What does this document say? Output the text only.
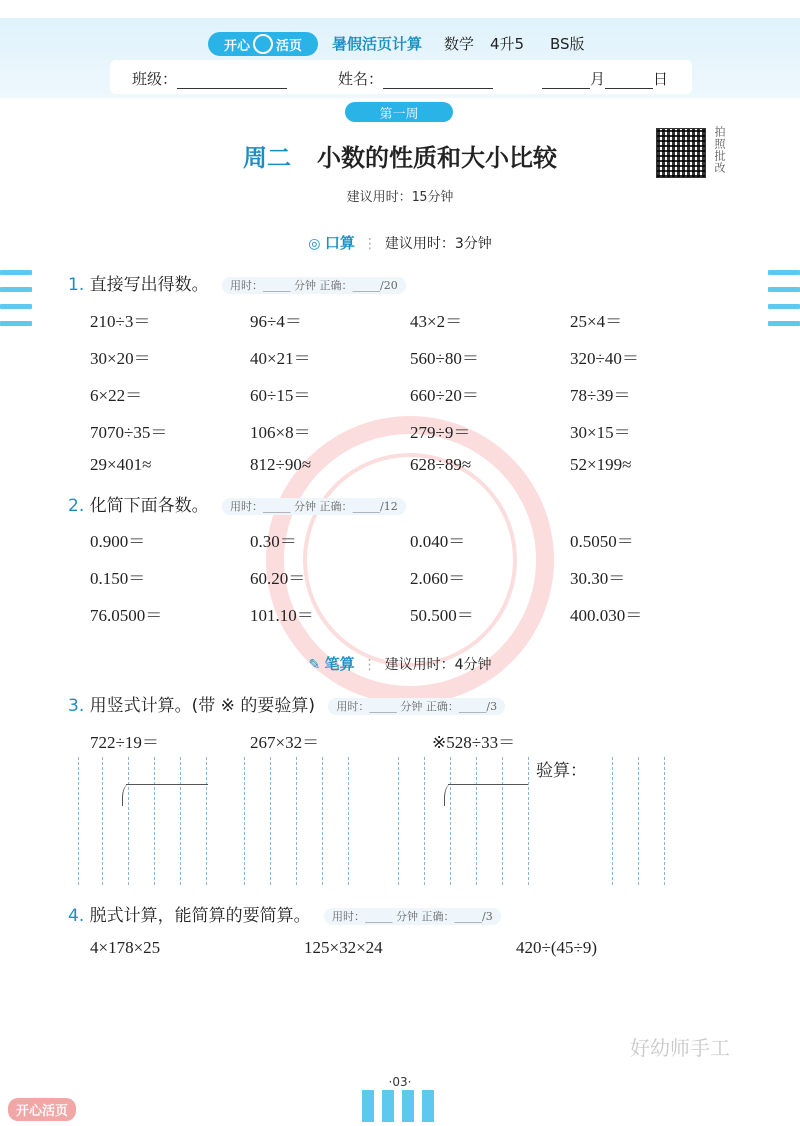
开心 活页 暑假活页计算 数学 4升5 BS版
班级：	姓名：	月	日
第一周
周二 小数的性质和大小比较	拍照批改
建议用时：15分钟
◎ 口算 ⋮ 建议用时：3分钟
1. 直接写出得数。 用时：_____ 分钟 正确：_____/20
210÷3＝	96÷4＝	43×2＝	25×4＝
30×20＝	40×21＝	560÷80＝	320÷40＝
6×22＝	60÷15＝	660÷20＝	78÷39＝
7070÷35＝	106×8＝	279÷9＝	30×15＝
29×401≈	812÷90≈	628÷89≈	52×199≈
2. 化简下面各数。 用时：_____ 分钟 正确：_____/12
0.900＝	0.30＝	0.040＝	0.5050＝
0.150＝	60.20＝	2.060＝	30.30＝
76.0500＝	101.10＝	50.500＝	400.030＝
✎ 笔算 ⋮ 建议用时：4分钟
3. 用竖式计算。(带 ※ 的要验算) 用时：_____ 分钟 正确：_____/3
722÷19＝	267×32＝	※528÷33＝
验算：
4. 脱式计算，能简算的要简算。 用时：_____ 分钟 正确：_____/3
4×178×25	125×32×24	420÷(45÷9)
好幼师手工
·03·
开心活页
